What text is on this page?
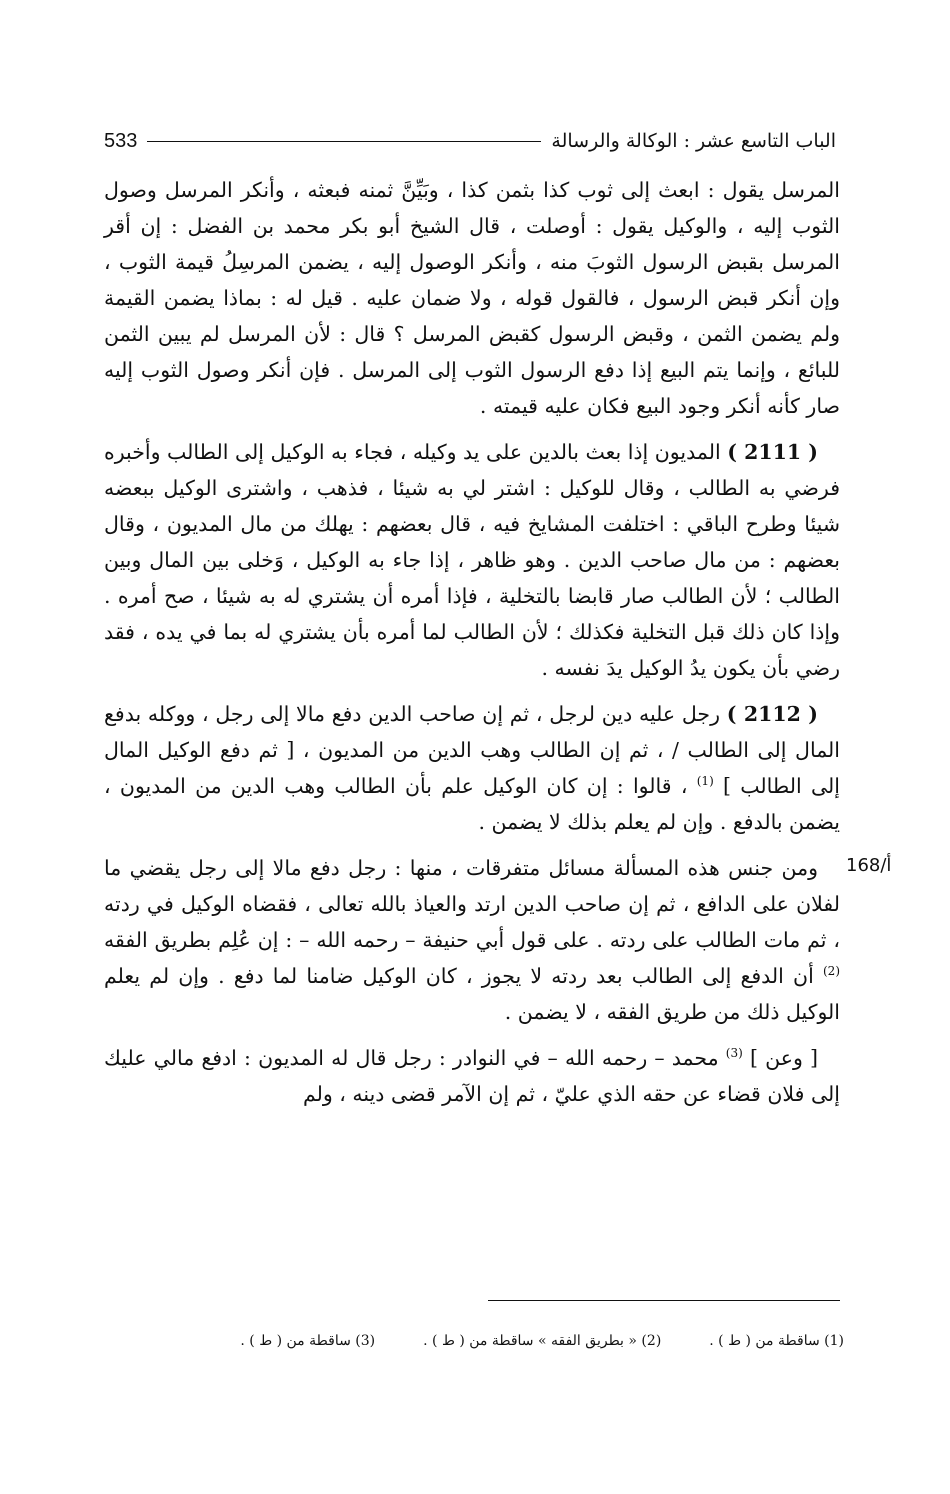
الباب التاسع عشر : الوكالة والرسالة
533

المرسل يقول : ابعث إلى ثوب كذا بثمن كذا ، وبَيِّنَّ ثمنه فبعثه ، وأنكر المرسل وصول الثوب إليه ، والوكيل يقول : أوصلت ، قال الشيخ أبو بكر محمد بن الفضل : إن أقر المرسل بقبض الرسول الثوبَ منه ، وأنكر الوصول إليه ، يضمن المرسِلُ قيمة الثوب ، وإن أنكر قبض الرسول ، فالقول قوله ، ولا ضمان عليه . قيل له : بماذا يضمن القيمة ولم يضمن الثمن ، وقبض الرسول كقبض المرسل ؟ قال : لأن المرسل لم يبين الثمن للبائع ، وإنما يتم البيع إذا دفع الرسول الثوب إلى المرسل . فإن أنكر وصول الثوب إليه صار كأنه أنكر وجود البيع فكان عليه قيمته .

( 2111 ) المديون إذا بعث بالدين على يد وكيله ، فجاء به الوكيل إلى الطالب وأخبره فرضي به الطالب ، وقال للوكيل : اشتر لي به شيئا ، فذهب ، واشترى الوكيل ببعضه شيئا وطرح الباقي : اختلفت المشايخ فيه ، قال بعضهم : يهلك من مال المديون ، وقال بعضهم : من مال صاحب الدين . وهو ظاهر ، إذا جاء به الوكيل ، وَخلى بين المال وبين الطالب ؛ لأن الطالب صار قابضا بالتخلية ، فإذا أمره أن يشتري له به شيئا ، صح أمره . وإذا كان ذلك قبل التخلية فكذلك ؛ لأن الطالب لما أمره بأن يشتري له بما في يده ، فقد رضي بأن يكون يدُ الوكيل يدَ نفسه .

( 2112 ) رجل عليه دين لرجل ، ثم إن صاحب الدين دفع مالا إلى رجل ، ووكله بدفع المال إلى الطالب / ، ثم إن الطالب وهب الدين من المديون ، [ ثم دفع الوكيل المال إلى الطالب ] $^{(1)}$ ، قالوا : إن كان الوكيل علم بأن الطالب وهب الدين من المديون ، يضمن بالدفع . وإن لم يعلم بذلك لا يضمن .

ومن جنس هذه المسألة مسائل متفرقات ، منها : رجل دفع مالا إلى رجل يقضي ما لفلان على الدافع ، ثم إن صاحب الدين ارتد والعياذ بالله تعالى ، فقضاه الوكيل في ردته ، ثم مات الطالب على ردته . على قول أبي حنيفة – رحمه الله – : إن عُلِم بطريق الفقه $^{(2)}$ أن الدفع إلى الطالب بعد ردته لا يجوز ، كان الوكيل ضامنا لما دفع . وإن لم يعلم الوكيل ذلك من طريق الفقه ، لا يضمن .

[ وعن ] $^{(3)}$ محمد – رحمه الله – في النوادر : رجل قال له المديون : ادفع مالي عليك إلى فلان قضاء عن حقه الذي عليّ ، ثم إن الآمر قضى دينه ، ولم

168/أ
(1) ساقطة من ( ط ) .
(2) « بطريق الفقه » ساقطة من ( ط ) .
(3) ساقطة من ( ط ) .
